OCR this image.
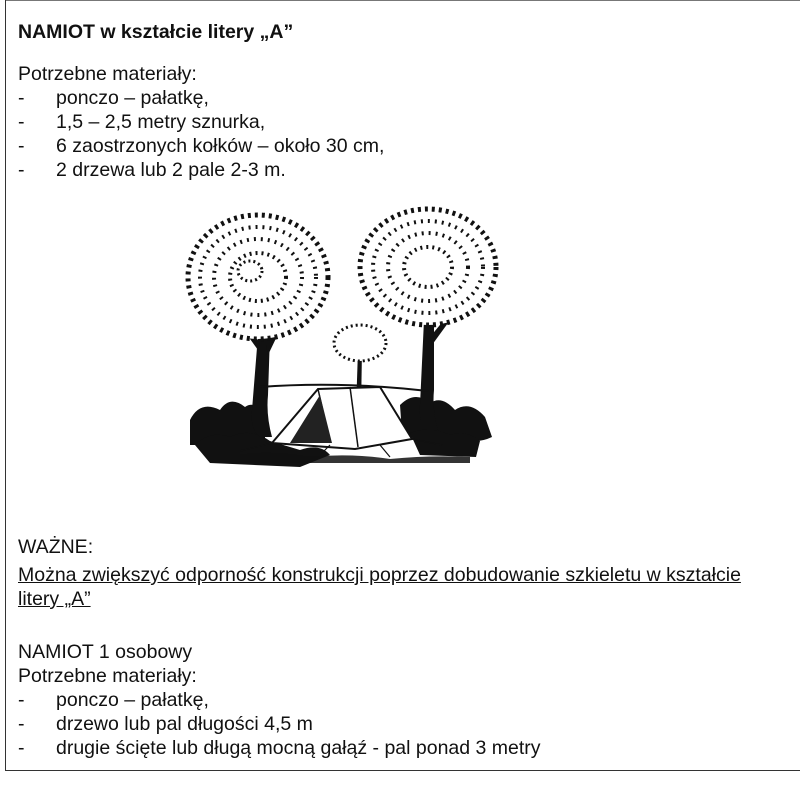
NAMIOT w kształcie litery „A”
Potrzebne materiały:
-	ponczo – pałatkę,
-	1,5 – 2,5 metry sznurka,
-	6 zaostrzonych kołków – około 30 cm,
-	2 drzewa lub 2 pale 2-3 m.
WAŻNE:
Można zwiększyć odporność konstrukcji poprzez dobudowanie szkieletu w kształcie litery „A”
NAMIOT 1 osobowy
Potrzebne materiały:
-	ponczo – pałatkę,
-	drzewo lub pal długości 4,5 m
-	drugie ścięte lub długą mocną gałąź - pal ponad 3 metry
